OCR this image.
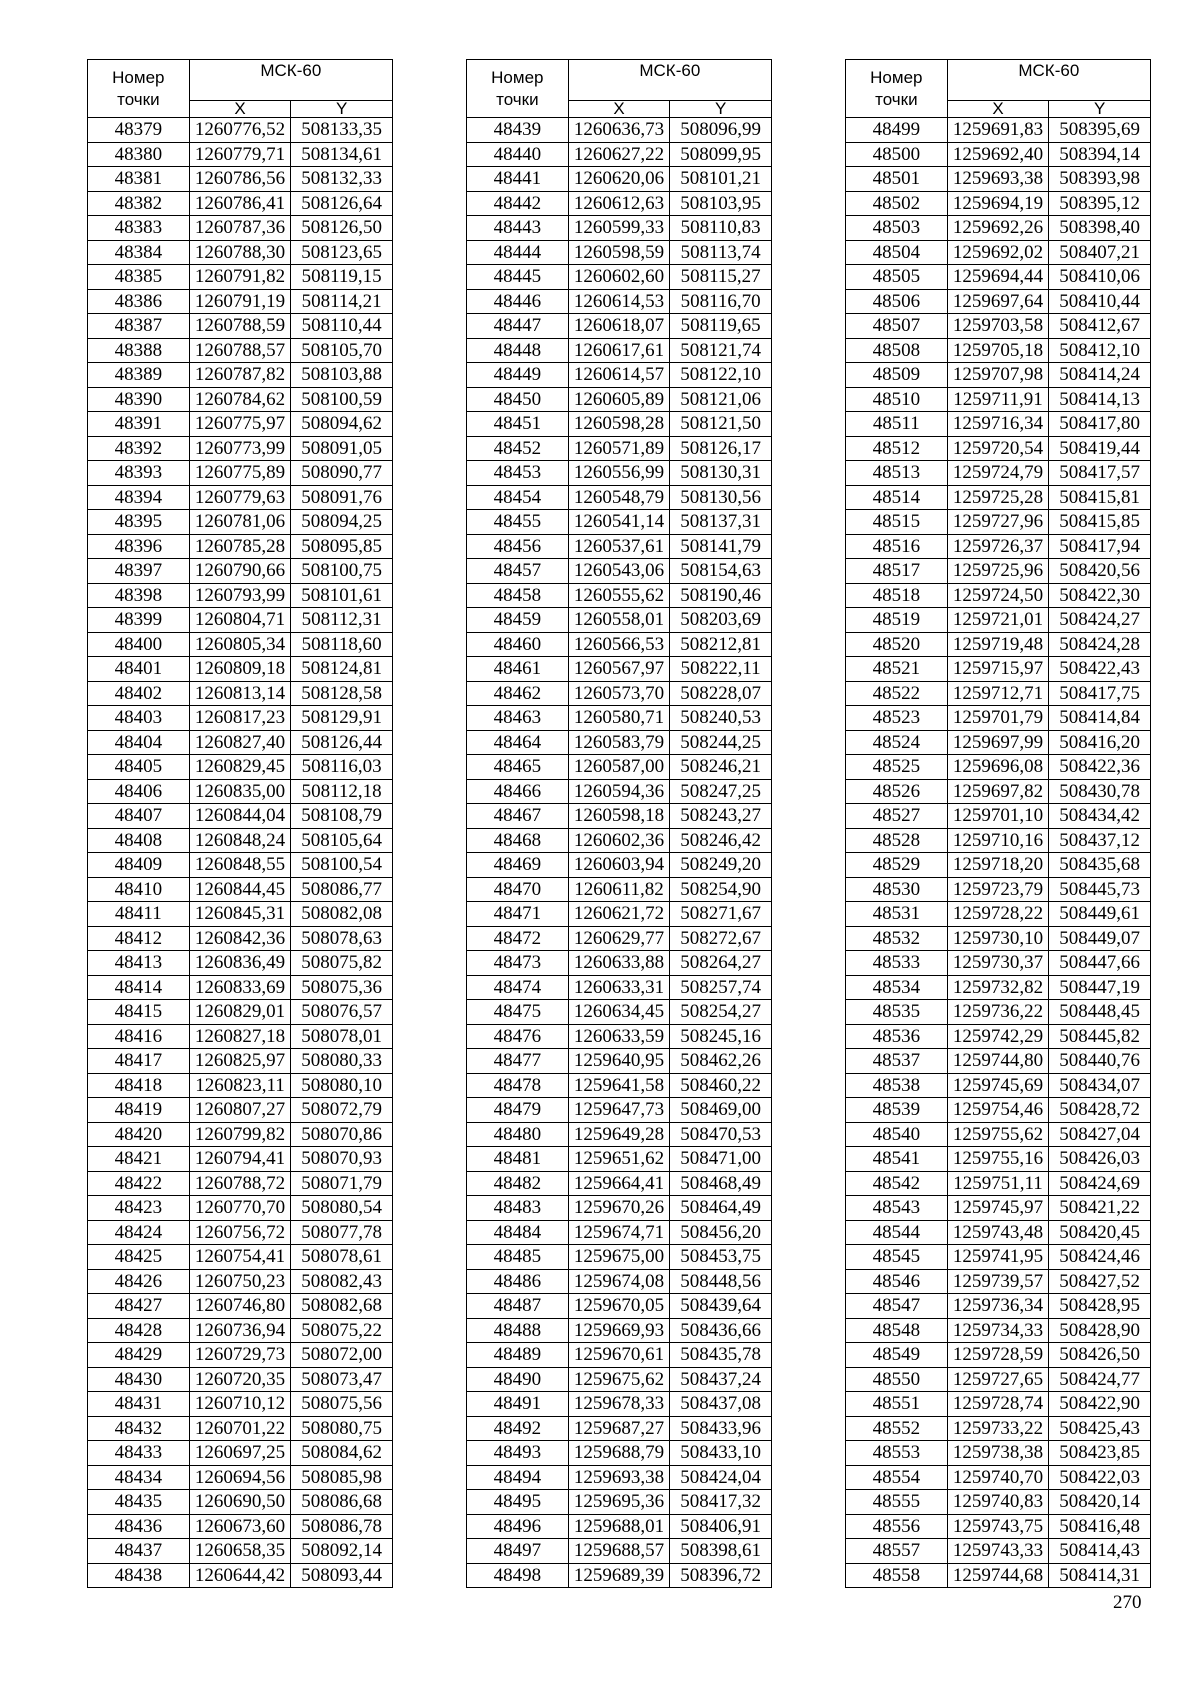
Номер
точки	МСК-60	
	X	Y
48379	1260776,52	508133,35
48380	1260779,71	508134,61
48381	1260786,56	508132,33
48382	1260786,41	508126,64
48383	1260787,36	508126,50
48384	1260788,30	508123,65
48385	1260791,82	508119,15
48386	1260791,19	508114,21
48387	1260788,59	508110,44
48388	1260788,57	508105,70
48389	1260787,82	508103,88
48390	1260784,62	508100,59
48391	1260775,97	508094,62
48392	1260773,99	508091,05
48393	1260775,89	508090,77
48394	1260779,63	508091,76
48395	1260781,06	508094,25
48396	1260785,28	508095,85
48397	1260790,66	508100,75
48398	1260793,99	508101,61
48399	1260804,71	508112,31
48400	1260805,34	508118,60
48401	1260809,18	508124,81
48402	1260813,14	508128,58
48403	1260817,23	508129,91
48404	1260827,40	508126,44
48405	1260829,45	508116,03
48406	1260835,00	508112,18
48407	1260844,04	508108,79
48408	1260848,24	508105,64
48409	1260848,55	508100,54
48410	1260844,45	508086,77
48411	1260845,31	508082,08
48412	1260842,36	508078,63
48413	1260836,49	508075,82
48414	1260833,69	508075,36
48415	1260829,01	508076,57
48416	1260827,18	508078,01
48417	1260825,97	508080,33
48418	1260823,11	508080,10
48419	1260807,27	508072,79
48420	1260799,82	508070,86
48421	1260794,41	508070,93
48422	1260788,72	508071,79
48423	1260770,70	508080,54
48424	1260756,72	508077,78
48425	1260754,41	508078,61
48426	1260750,23	508082,43
48427	1260746,80	508082,68
48428	1260736,94	508075,22
48429	1260729,73	508072,00
48430	1260720,35	508073,47
48431	1260710,12	508075,56
48432	1260701,22	508080,75
48433	1260697,25	508084,62
48434	1260694,56	508085,98
48435	1260690,50	508086,68
48436	1260673,60	508086,78
48437	1260658,35	508092,14
48438	1260644,42	508093,44
Номер
точки	МСК-60	
	X	Y
48439	1260636,73	508096,99
48440	1260627,22	508099,95
48441	1260620,06	508101,21
48442	1260612,63	508103,95
48443	1260599,33	508110,83
48444	1260598,59	508113,74
48445	1260602,60	508115,27
48446	1260614,53	508116,70
48447	1260618,07	508119,65
48448	1260617,61	508121,74
48449	1260614,57	508122,10
48450	1260605,89	508121,06
48451	1260598,28	508121,50
48452	1260571,89	508126,17
48453	1260556,99	508130,31
48454	1260548,79	508130,56
48455	1260541,14	508137,31
48456	1260537,61	508141,79
48457	1260543,06	508154,63
48458	1260555,62	508190,46
48459	1260558,01	508203,69
48460	1260566,53	508212,81
48461	1260567,97	508222,11
48462	1260573,70	508228,07
48463	1260580,71	508240,53
48464	1260583,79	508244,25
48465	1260587,00	508246,21
48466	1260594,36	508247,25
48467	1260598,18	508243,27
48468	1260602,36	508246,42
48469	1260603,94	508249,20
48470	1260611,82	508254,90
48471	1260621,72	508271,67
48472	1260629,77	508272,67
48473	1260633,88	508264,27
48474	1260633,31	508257,74
48475	1260634,45	508254,27
48476	1260633,59	508245,16
48477	1259640,95	508462,26
48478	1259641,58	508460,22
48479	1259647,73	508469,00
48480	1259649,28	508470,53
48481	1259651,62	508471,00
48482	1259664,41	508468,49
48483	1259670,26	508464,49
48484	1259674,71	508456,20
48485	1259675,00	508453,75
48486	1259674,08	508448,56
48487	1259670,05	508439,64
48488	1259669,93	508436,66
48489	1259670,61	508435,78
48490	1259675,62	508437,24
48491	1259678,33	508437,08
48492	1259687,27	508433,96
48493	1259688,79	508433,10
48494	1259693,38	508424,04
48495	1259695,36	508417,32
48496	1259688,01	508406,91
48497	1259688,57	508398,61
48498	1259689,39	508396,72
Номер
точки	МСК-60	
	X	Y
48499	1259691,83	508395,69
48500	1259692,40	508394,14
48501	1259693,38	508393,98
48502	1259694,19	508395,12
48503	1259692,26	508398,40
48504	1259692,02	508407,21
48505	1259694,44	508410,06
48506	1259697,64	508410,44
48507	1259703,58	508412,67
48508	1259705,18	508412,10
48509	1259707,98	508414,24
48510	1259711,91	508414,13
48511	1259716,34	508417,80
48512	1259720,54	508419,44
48513	1259724,79	508417,57
48514	1259725,28	508415,81
48515	1259727,96	508415,85
48516	1259726,37	508417,94
48517	1259725,96	508420,56
48518	1259724,50	508422,30
48519	1259721,01	508424,27
48520	1259719,48	508424,28
48521	1259715,97	508422,43
48522	1259712,71	508417,75
48523	1259701,79	508414,84
48524	1259697,99	508416,20
48525	1259696,08	508422,36
48526	1259697,82	508430,78
48527	1259701,10	508434,42
48528	1259710,16	508437,12
48529	1259718,20	508435,68
48530	1259723,79	508445,73
48531	1259728,22	508449,61
48532	1259730,10	508449,07
48533	1259730,37	508447,66
48534	1259732,82	508447,19
48535	1259736,22	508448,45
48536	1259742,29	508445,82
48537	1259744,80	508440,76
48538	1259745,69	508434,07
48539	1259754,46	508428,72
48540	1259755,62	508427,04
48541	1259755,16	508426,03
48542	1259751,11	508424,69
48543	1259745,97	508421,22
48544	1259743,48	508420,45
48545	1259741,95	508424,46
48546	1259739,57	508427,52
48547	1259736,34	508428,95
48548	1259734,33	508428,90
48549	1259728,59	508426,50
48550	1259727,65	508424,77
48551	1259728,74	508422,90
48552	1259733,22	508425,43
48553	1259738,38	508423,85
48554	1259740,70	508422,03
48555	1259740,83	508420,14
48556	1259743,75	508416,48
48557	1259743,33	508414,43
48558	1259744,68	508414,31
270
